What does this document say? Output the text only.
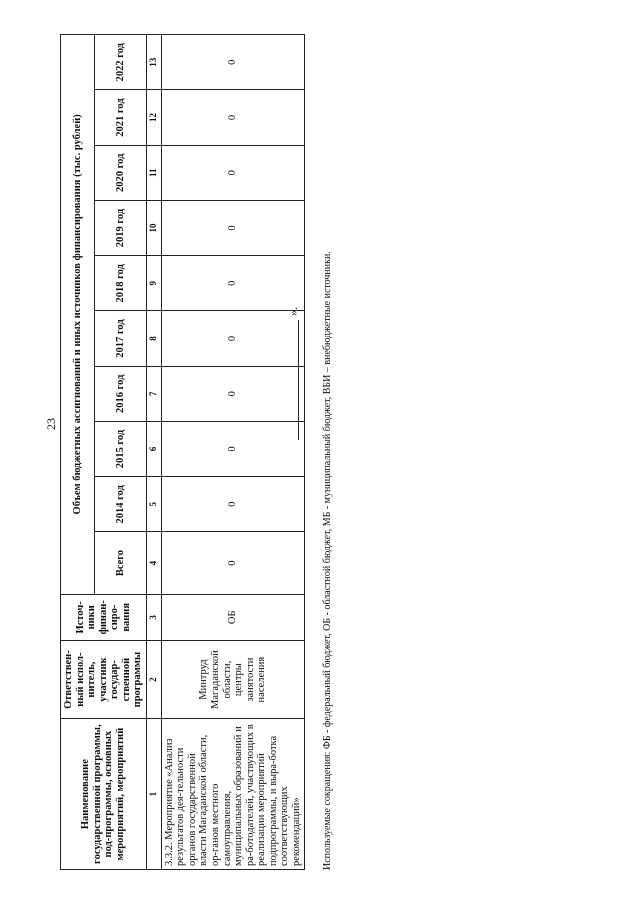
23
Наименование государственной программы, под-программы, основных мероприятий, мероприятий	Ответствен-ный испол-нитель, участник государ-ственной программы	Источ-ники финан-сиро-вания	Объем бюджетных ассигнований и иных источников финансирования (тыс. рублей)									
			Всего	2014 год	2015 год	2016 год	2017 год	2018 год	2019 год	2020 год	2021 год	2022 год
1	2	3	4	5	6	7	8	9	10	11	12	13
3.3.2. Мероприятие «Анализ результатов дея-тельности органов государственной власти Магаданской области, ор-ганов местного самоуправления, муниципальных образований и ра-ботодателей, участвующих в реализации мероприятий подпрограммы, и выра-ботка соответствующих рекомендаций»	Минтруд Магаданской области, центры занятости населения	ОБ	0	0	0	0	0	0	0	0	0	0
». Используемые сокращения: ФБ - федеральный бюджет, ОБ - областной бюджет, МБ - муниципальный бюджет, ВБИ – внебюджетные источники.
